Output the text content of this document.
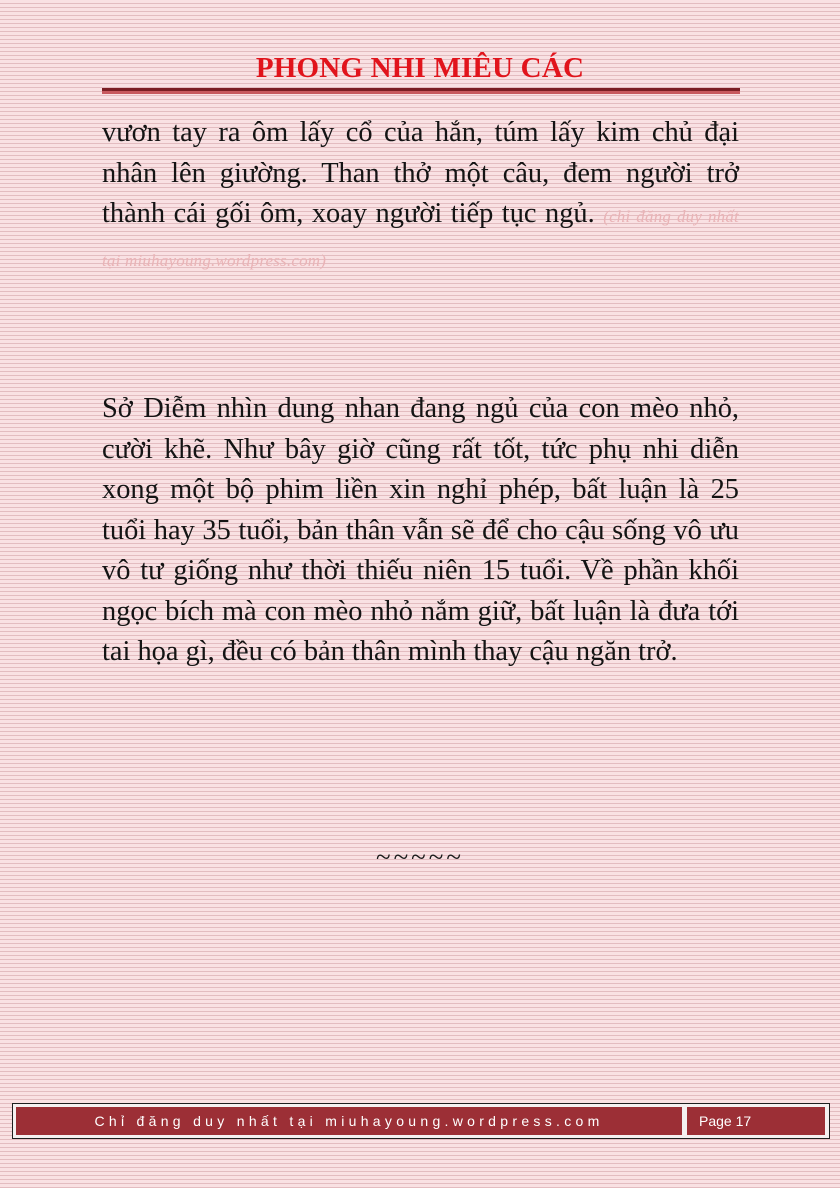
PHONG NHI MIÊU CÁC

vươn tay ra ôm lấy cổ của hắn, túm lấy kim chủ đại nhân lên giường. Than thở một câu, đem người trở thành cái gối ôm, xoay người tiếp tục ngủ. (chỉ đăng duy nhất tại miuhayoung.wordpress.com)

Sở Diễm nhìn dung nhan đang ngủ của con mèo nhỏ, cười khẽ. Như bây giờ cũng rất tốt, tức phụ nhi diễn xong một bộ phim liền xin nghỉ phép, bất luận là 25 tuổi hay 35 tuổi, bản thân vẫn sẽ để cho cậu sống vô ưu vô tư giống như thời thiếu niên 15 tuổi. Về phần khối ngọc bích mà con mèo nhỏ nắm giữ, bất luận là đưa tới tai họa gì, đều có bản thân mình thay cậu ngăn trở.

~~~~~

Chỉ đăng duy nhất tại miuhayoung.wordpress.com	Page 17
